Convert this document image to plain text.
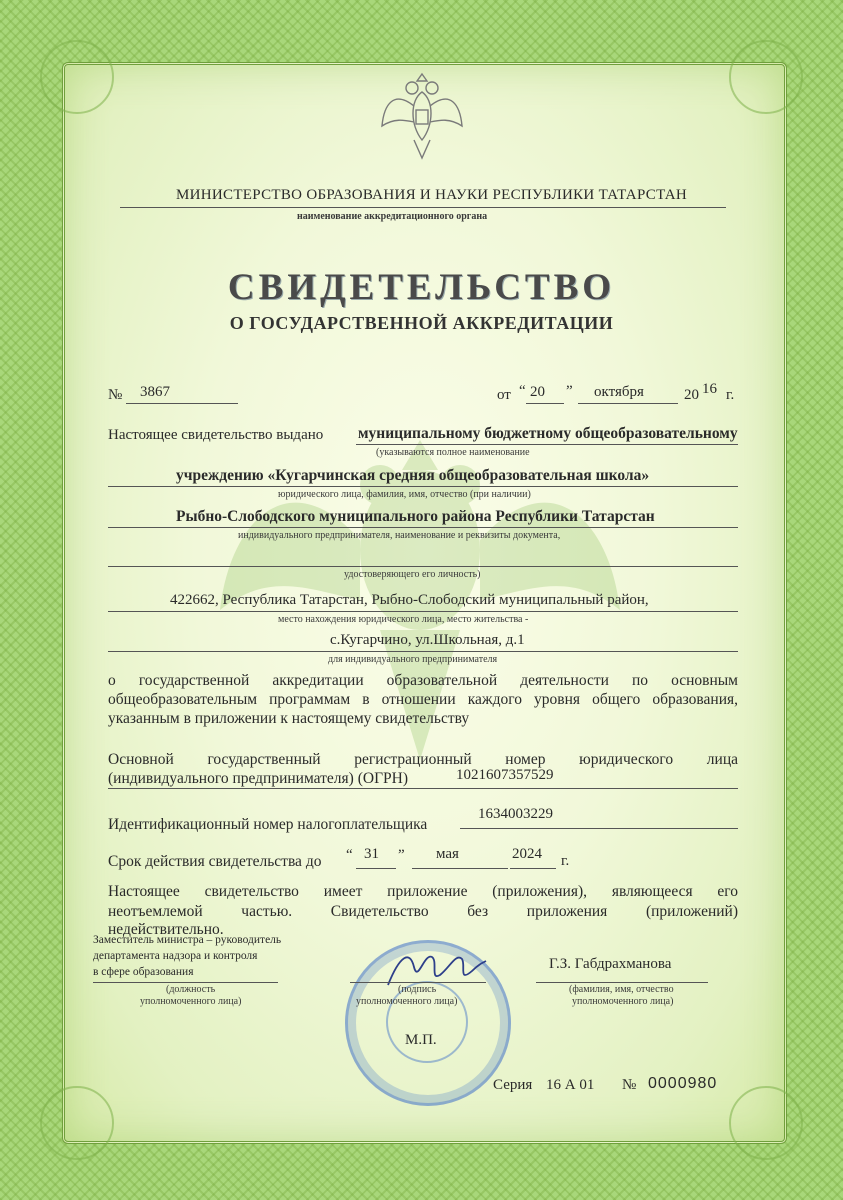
МИНИСТЕРСТВО ОБРАЗОВАНИЯ И НАУКИ РЕСПУБЛИКИ ТАТАРСТАН
наименование аккредитационного органа
СВИДЕТЕЛЬСТВО
О ГОСУДАРСТВЕННОЙ АККРЕДИТАЦИИ
№ 3867	от “ 20 ” октября	20 16 г.
Настоящее свидетельство выдано муниципальному бюджетному общеобразовательному
(указываются полное наименование
учреждению «Кугарчинская средняя общеобразовательная школа»
юридического лица, фамилия, имя, отчество (при наличии)
Рыбно-Слободского муниципального района Республики Татарстан
индивидуального предпринимателя, наименование и реквизиты документа,
удостоверяющего его личность)
422662, Республика Татарстан, Рыбно-Слободский муниципальный район,
место нахождения юридического лица, место жительства -
с.Кугарчино, ул.Школьная, д.1
для индивидуального предпринимателя
о государственной аккредитации образовательной деятельности по основным
общеобразовательным программам в отношении каждого уровня общего образования,
указанным в приложении к настоящему свидетельству
Основной государственный регистрационный номер юридического лица
(индивидуального предпринимателя) (ОГРН)	1021607357529
Идентификационный номер налогоплательщика
1634003229
Срок действия свидетельства до “ 31 ” мая	2024 г.
Настоящее свидетельство имеет приложение (приложения), являющееся его
неотъемлемой частью. Свидетельство без приложения (приложений)
недействительно.
Заместитель министра – руководитель
департамента надзора и контроля
в сфере образования
(должность
уполномоченного лица)
(подпись
уполномоченного лица)
Г.З. Габдрахманова
(фамилия, имя, отчество
уполномоченного лица)
М.П.
Серия 16 А 01 № 0000980
